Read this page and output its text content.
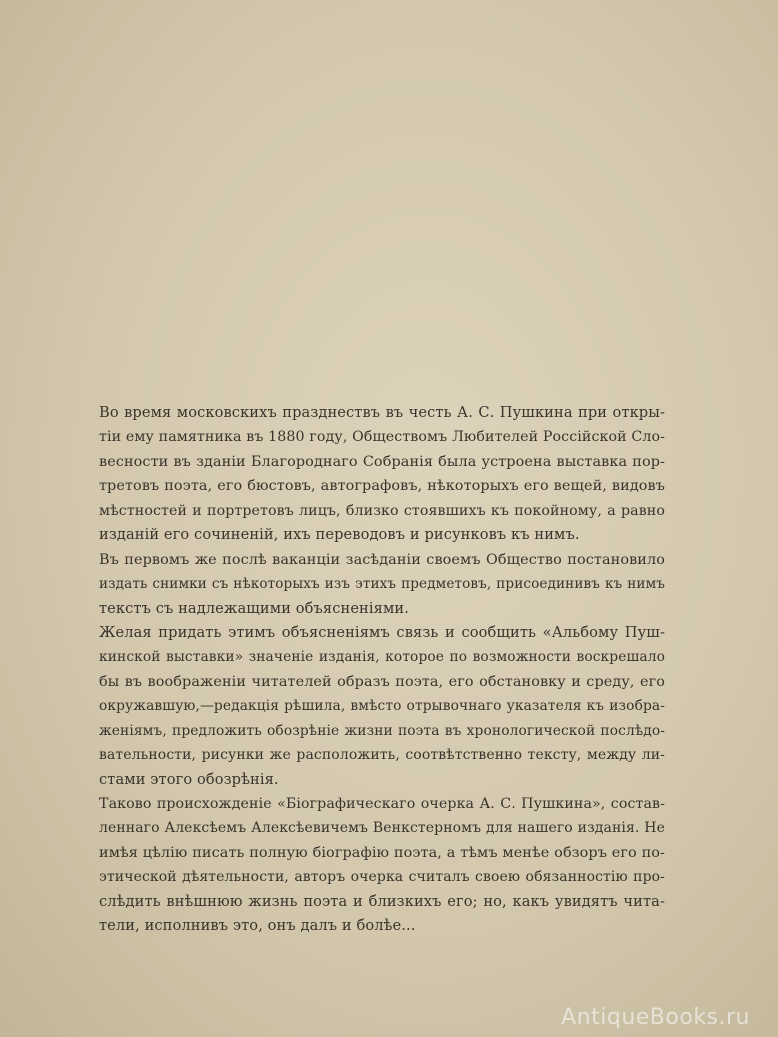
Во время московскихъ празднествъ въ честь А. С. Пушкина при откры-
тіи ему памятника въ 1880 году, Обществомъ Любителей Россійской Сло-
весности въ зданіи Благороднаго Собранія была устроена выставка пор-
третовъ поэта, его бюстовъ, автографовъ, нѣкоторыхъ его вещей, видовъ
мѣстностей и портретовъ лицъ, близко стоявшихъ къ покойному, а равно
изданій его сочиненій, ихъ переводовъ и рисунковъ къ нимъ.
Въ первомъ же послѣ ваканціи засѣданіи своемъ Общество постановило
издать снимки съ нѣкоторыхъ изъ этихъ предметовъ, присоединивъ къ нимъ
текстъ съ надлежащими объясненіями.
Желая придать этимъ объясненіямъ связь и сообщить «Альбому Пуш-
кинской выставки» значеніе изданія, которое по возможности воскрешало
бы въ воображеніи читателей образъ поэта, его обстановку и среду, его
окружавшую,—редакція рѣшила, вмѣсто отрывочнаго указателя къ изобра-
женіямъ, предложить обозрѣніе жизни поэта въ хронологической послѣдо-
вательности, рисунки же расположить, соотвѣтственно тексту, между ли-
стами этого обозрѣнія.
Таково происхожденіе «Біографическаго очерка А. С. Пушкина», состав-
леннаго Алексѣемъ Алексѣевичемъ Венкстерномъ для нашего изданія. Не
имѣя цѣлію писать полную біографію поэта, а тѣмъ менѣе обзоръ его по-
этической дѣятельности, авторъ очерка считалъ своею обязанностію про-
слѣдить внѣшнюю жизнь поэта и близкихъ его; но, какъ увидятъ чита-
тели, исполнивъ это, онъ далъ и болѣе...
AntiqueBooks.ru
